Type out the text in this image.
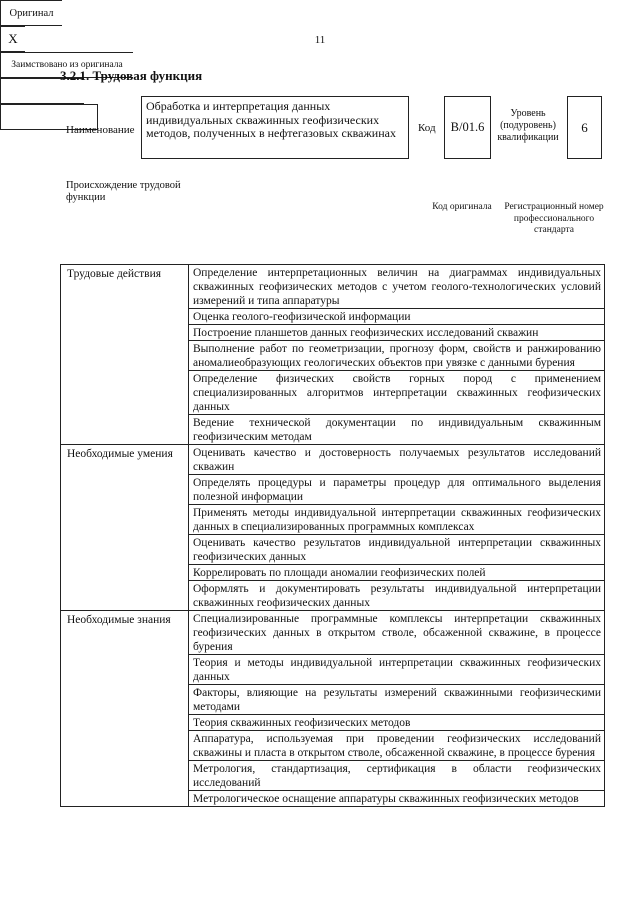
11
3.2.1. Трудовая функция
Наименование
Обработка и интерпретация данных индивидуальных скважинных геофизических методов, полученных в нефтегазовых скважинах	Код	B/01.6
Уровень (подуровень) квалификации
6
Происхождение трудовой функции
Оригинал
X
Заимствовано из оригинала
Код оригинала	Регистрационный номер профессионального стандарта
Трудовые действия	Определение интерпретационных величин на диаграммах индивидуальных скважинных геофизических методов с учетом геолого-технологических условий измерений и типа аппаратуры
	Оценка геолого-геофизической информации
	Построение планшетов данных геофизических исследований скважин
	Выполнение работ по геометризации, прогнозу форм, свойств и ранжированию аномалиеобразующих геологических объектов при увязке с данными бурения
	Определение физических свойств горных пород с применением специализированных алгоритмов интерпретации скважинных геофизических данных
	Ведение технической документации по индивидуальным скважинным геофизическим методам
Необходимые умения	Оценивать качество и достоверность получаемых результатов исследований скважин
	Определять процедуры и параметры процедур для оптимального выделения полезной информации
	Применять методы индивидуальной интерпретации скважинных геофизических данных в специализированных программных комплексах
	Оценивать качество результатов индивидуальной интерпретации скважинных геофизических данных
	Коррелировать по площади аномалии геофизических полей
	Оформлять и документировать результаты индивидуальной интерпретации скважинных геофизических данных
Необходимые знания	Специализированные программные комплексы интерпретации скважинных геофизических данных в открытом стволе, обсаженной скважине, в процессе бурения
	Теория и методы индивидуальной интерпретации скважинных геофизических данных
	Факторы, влияющие на результаты измерений скважинными геофизическими методами
	Теория скважинных геофизических методов
	Аппаратура, используемая при проведении геофизических исследований скважины и пласта в открытом стволе, обсаженной скважине, в процессе бурения
	Метрология, стандартизация, сертификация в области геофизических исследований
	Метрологическое оснащение аппаратуры скважинных геофизических методов
